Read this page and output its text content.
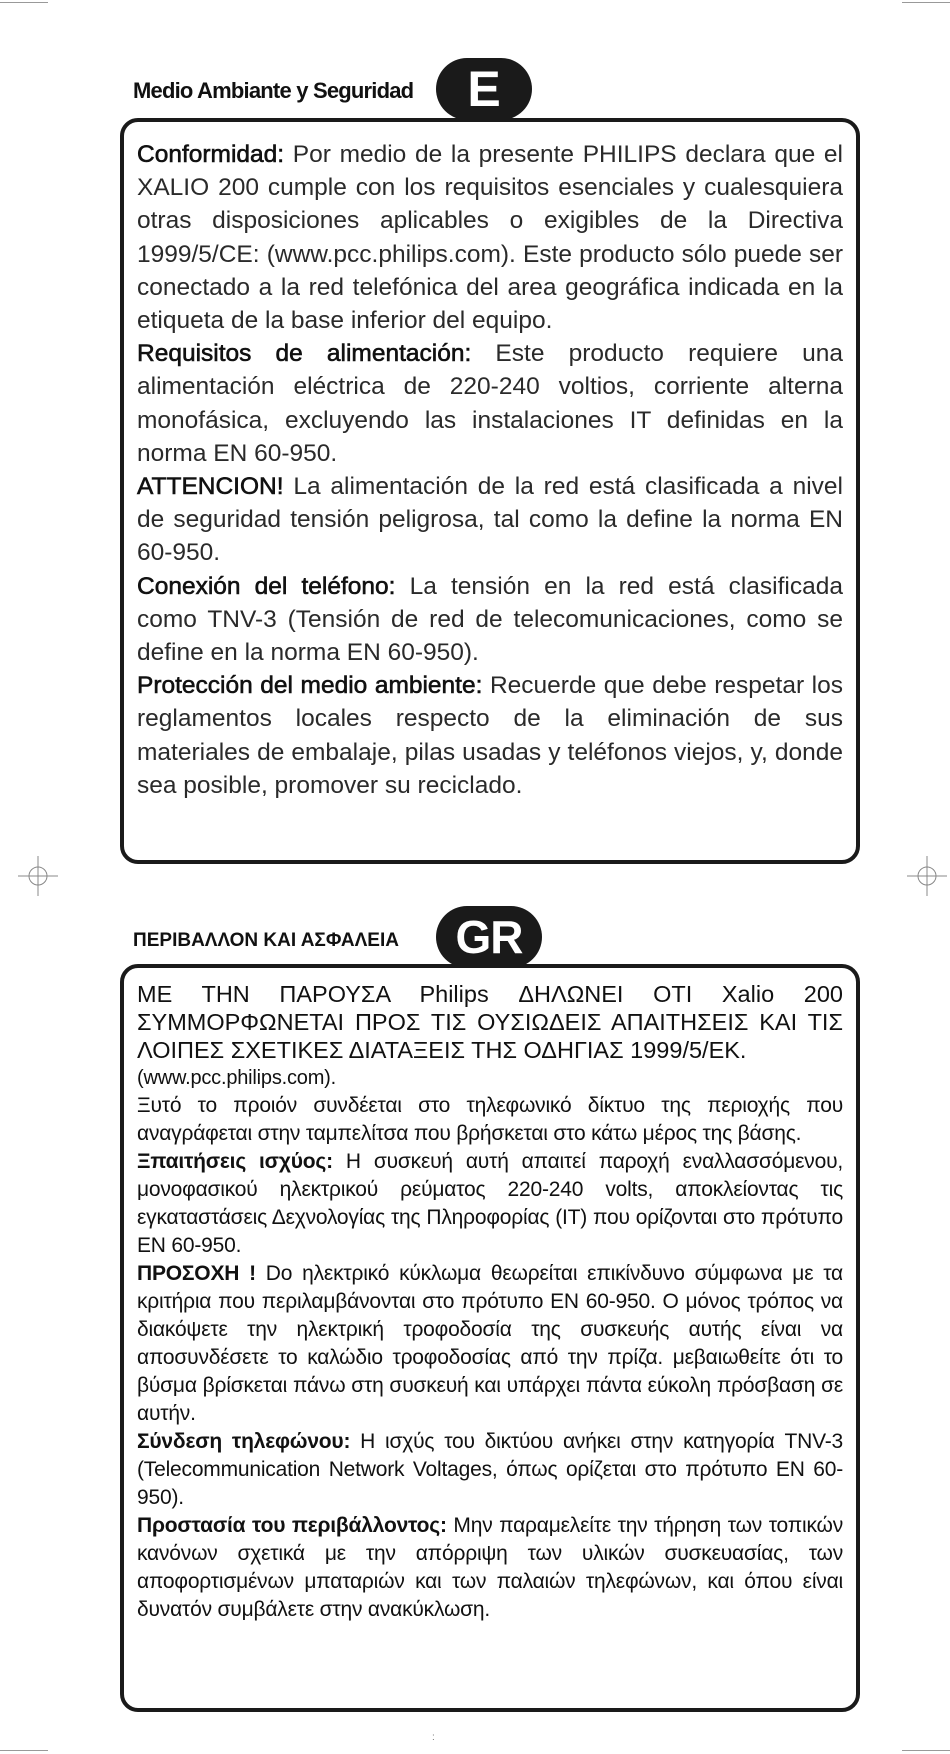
Conformidad: Por medio de la presente PHILIPS declara que el XALIO 200 cumple con los requisitos esenciales y cualesquiera otras disposiciones aplicables o exigibles de la Directiva 1999/5/CE: (www.pcc.philips.com). Este producto sólo puede ser conectado a la red telefónica del area geográfica indicada en la etiqueta de la base inferior del equipo.

Requisitos de alimentación: Este producto requiere una alimentación eléctrica de 220-240 voltios, corriente alterna monofásica, excluyendo las instalaciones IT definidas en la norma EN 60-950.

ATTENCION! La alimentación de la red está clasificada a nivel de seguridad tensión peligrosa, tal como la define la norma EN 60-950.

Conexión del teléfono: La tensión en la red está clasificada como TNV-3 (Tensión de red de telecomunicaciones, como se define en la norma EN 60-950).

Protección del medio ambiente: Recuerde que debe respetar los reglamentos locales respecto de la eliminación de sus materiales de embalaje, pilas usadas y teléfonos viejos, y, donde sea posible, promover su reciclado.

Medio Ambiante y Seguridad	E

ΜΕ ΤΗΝ ΠΑΡΟΥΣΑ Philips ΔΗΛΩΝΕΙ ΟΤΙ Xalio 200 ΣΥΜΜΟΡΦΩΝΕΤΑΙ ΠΡΟΣ ΤΙΣ ΟΥΣΙΩΔΕΙΣ ΑΠΑΙΤΗΣΕΙΣ ΚΑΙ ΤΙΣ ΛΟΙΠΕΣ ΣΧΕΤΙΚΕΣ ΔΙΑΤΑΞΕΙΣ ΤΗΣ ΟΔΗΓΙΑΣ 1999/5/ΕΚ.

(www.pcc.philips.com).

Ξυτό το προιόν συνδέεται στο τηλεφωνικό δίκτυο της περιοχής που αναγράφεται στην ταμπελίτσα που βρήσκεται στο κάτω μέρος της βάσης.

Ξπαιτήσεις ισχύος: Η συσκευή αυτή απαιτεί παροχή εναλλασσόμενου, μονοφασικού ηλεκτρικού ρεύματος 220-240 volts, αποκλείοντας τις εγκαταστάσεις Δεχνολογίας της Πληροφορίας (IT) που ορίζονται στο πρότυπο EN 60-950.

ΠΡΟΣΟΧΗ ! Dο ηλεκτρικό κύκλωμα θεωρείται επικίνδυνο σύμφωνα με τα κριτήρια που περιλαμβάνονται στο πρότυπο EN 60-950. Ο μόνος τρόπος να διακόψετε την ηλεκτρική τροφοδοσία της συσκευής αυτής είναι να αποσυνδέσετε το καλώδιο τροφοδοσίας από την πρίζα. μεβαιωθείτε ότι το βύσμα βρίσκεται πάνω στη συσκευή και υπάρχει πάντα εύκολη πρόσβαση σε αυτήν.

Σύνδεση τηλεφώνου: Η ισχύς του δικτύου ανήκει στην κατηγορία TNV-3 (Telecommunication Network Voltages, όπως ορίζεται στο πρότυπο EN 60-950).

Προστασία του περιβάλλοντος: Μην παραμελείτε την τήρηση των τοπικών κανόνων σχετικά με την απόρριψη των υλικών συσκευασίας, των αποφορτισμένων μπαταριών και των παλαιών τηλεφώνων, και όπου είναι δυνατόν συμβάλετε στην ανακύκλωση.

ΠΕΡΙΒΑΛΛΟΝ ΚΑΙ ΑΣΦΑΛΕΙΑ	GR
:
